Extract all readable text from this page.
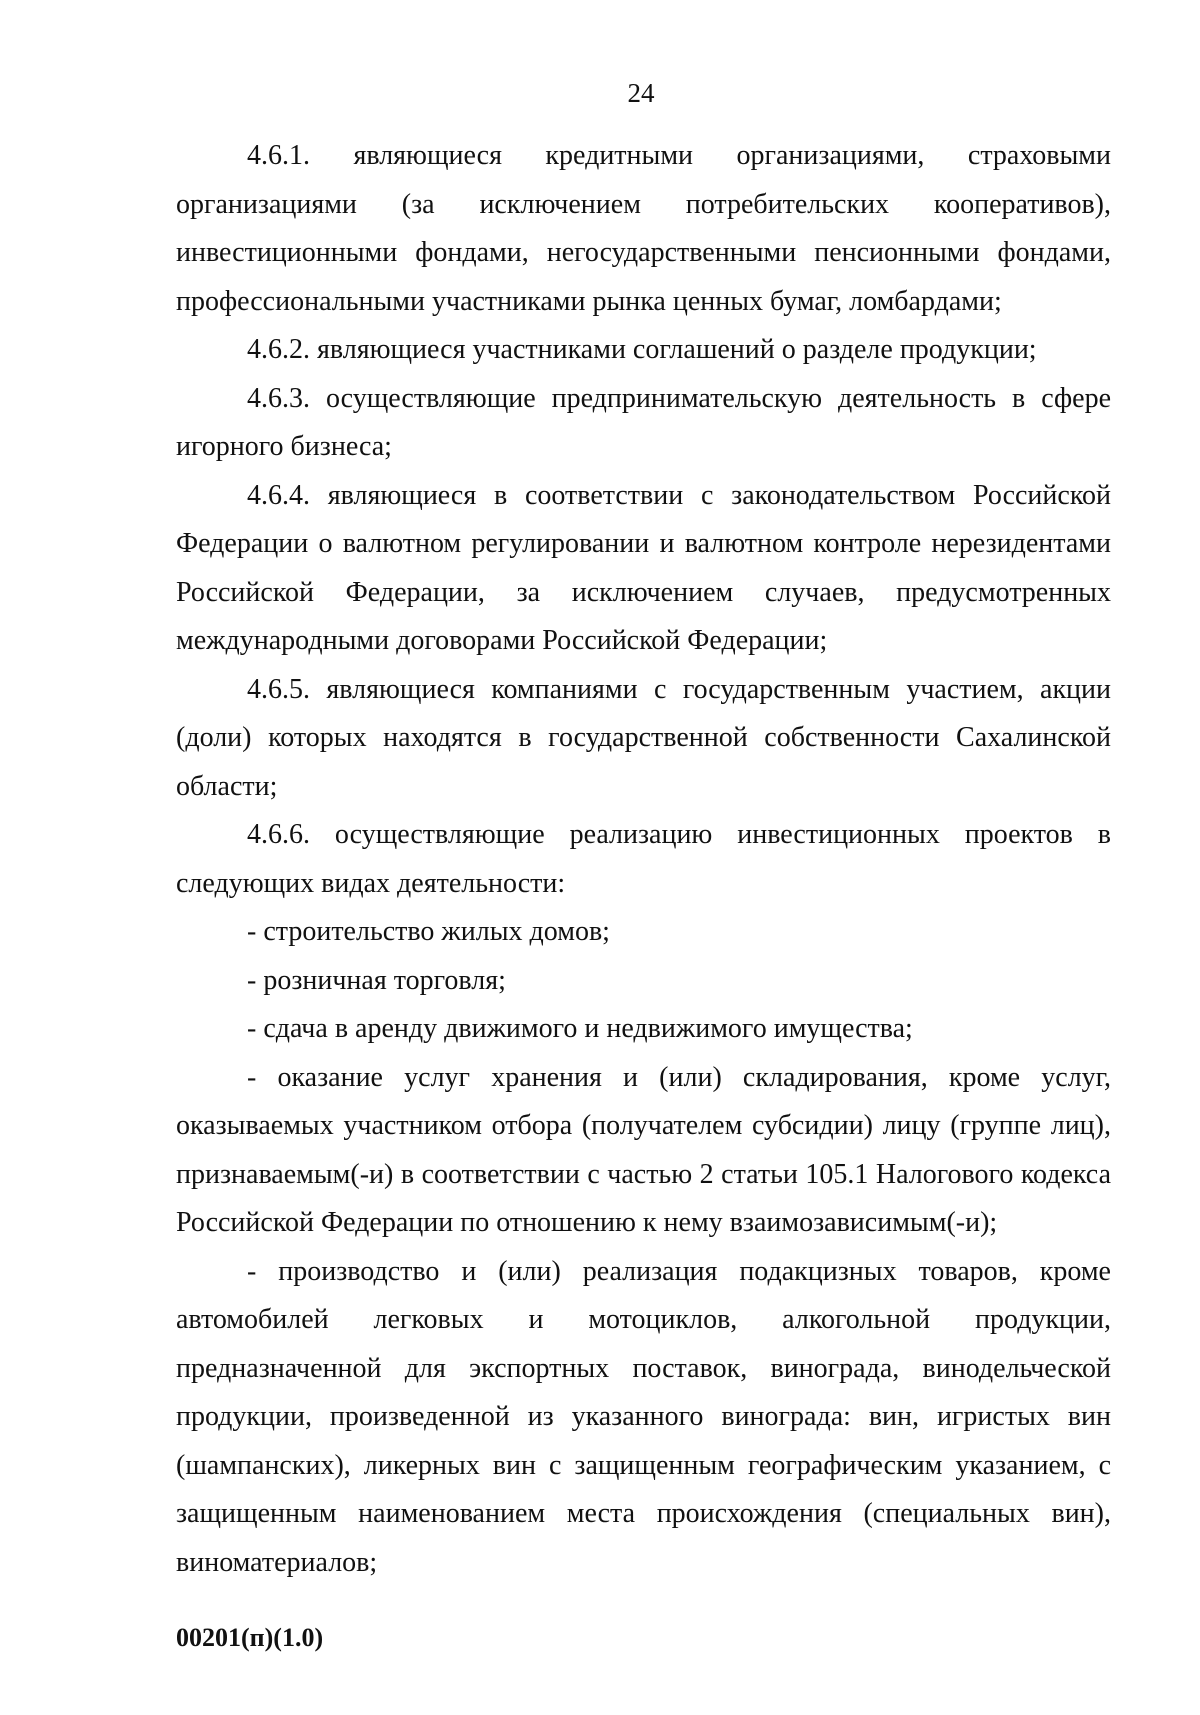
24

4.6.1. являющиеся кредитными организациями, страховыми организациями (за исключением потребительских кооперативов), инвестиционными фондами, негосударственными пенсионными фондами, профессиональными участниками рынка ценных бумаг, ломбардами;

4.6.2. являющиеся участниками соглашений о разделе продукции;

4.6.3. осуществляющие предпринимательскую деятельность в сфере игорного бизнеса;

4.6.4. являющиеся в соответствии с законодательством Российской Федерации о валютном регулировании и валютном контроле нерезидентами Российской Федерации, за исключением случаев, предусмотренных международными договорами Российской Федерации;

4.6.5. являющиеся компаниями с государственным участием, акции (доли) которых находятся в государственной собственности Сахалинской области;

4.6.6. осуществляющие реализацию инвестиционных проектов в следующих видах деятельности:

- строительство жилых домов;

- розничная торговля;

- сдача в аренду движимого и недвижимого имущества;

- оказание услуг хранения и (или) складирования, кроме услуг, оказываемых участником отбора (получателем субсидии) лицу (группе лиц), признаваемым(-и) в соответствии с частью 2 статьи 105.1 Налогового кодекса Российской Федерации по отношению к нему взаимозависимым(-и);

- производство и (или) реализация подакцизных товаров, кроме автомобилей легковых и мотоциклов, алкогольной продукции, предназначенной для экспортных поставок, винограда, винодельческой продукции, произведенной из указанного винограда: вин, игристых вин (шампанских), ликерных вин с защищенным географическим указанием, с защищенным наименованием места происхождения (специальных вин), виноматериалов;

00201(п)(1.0)
